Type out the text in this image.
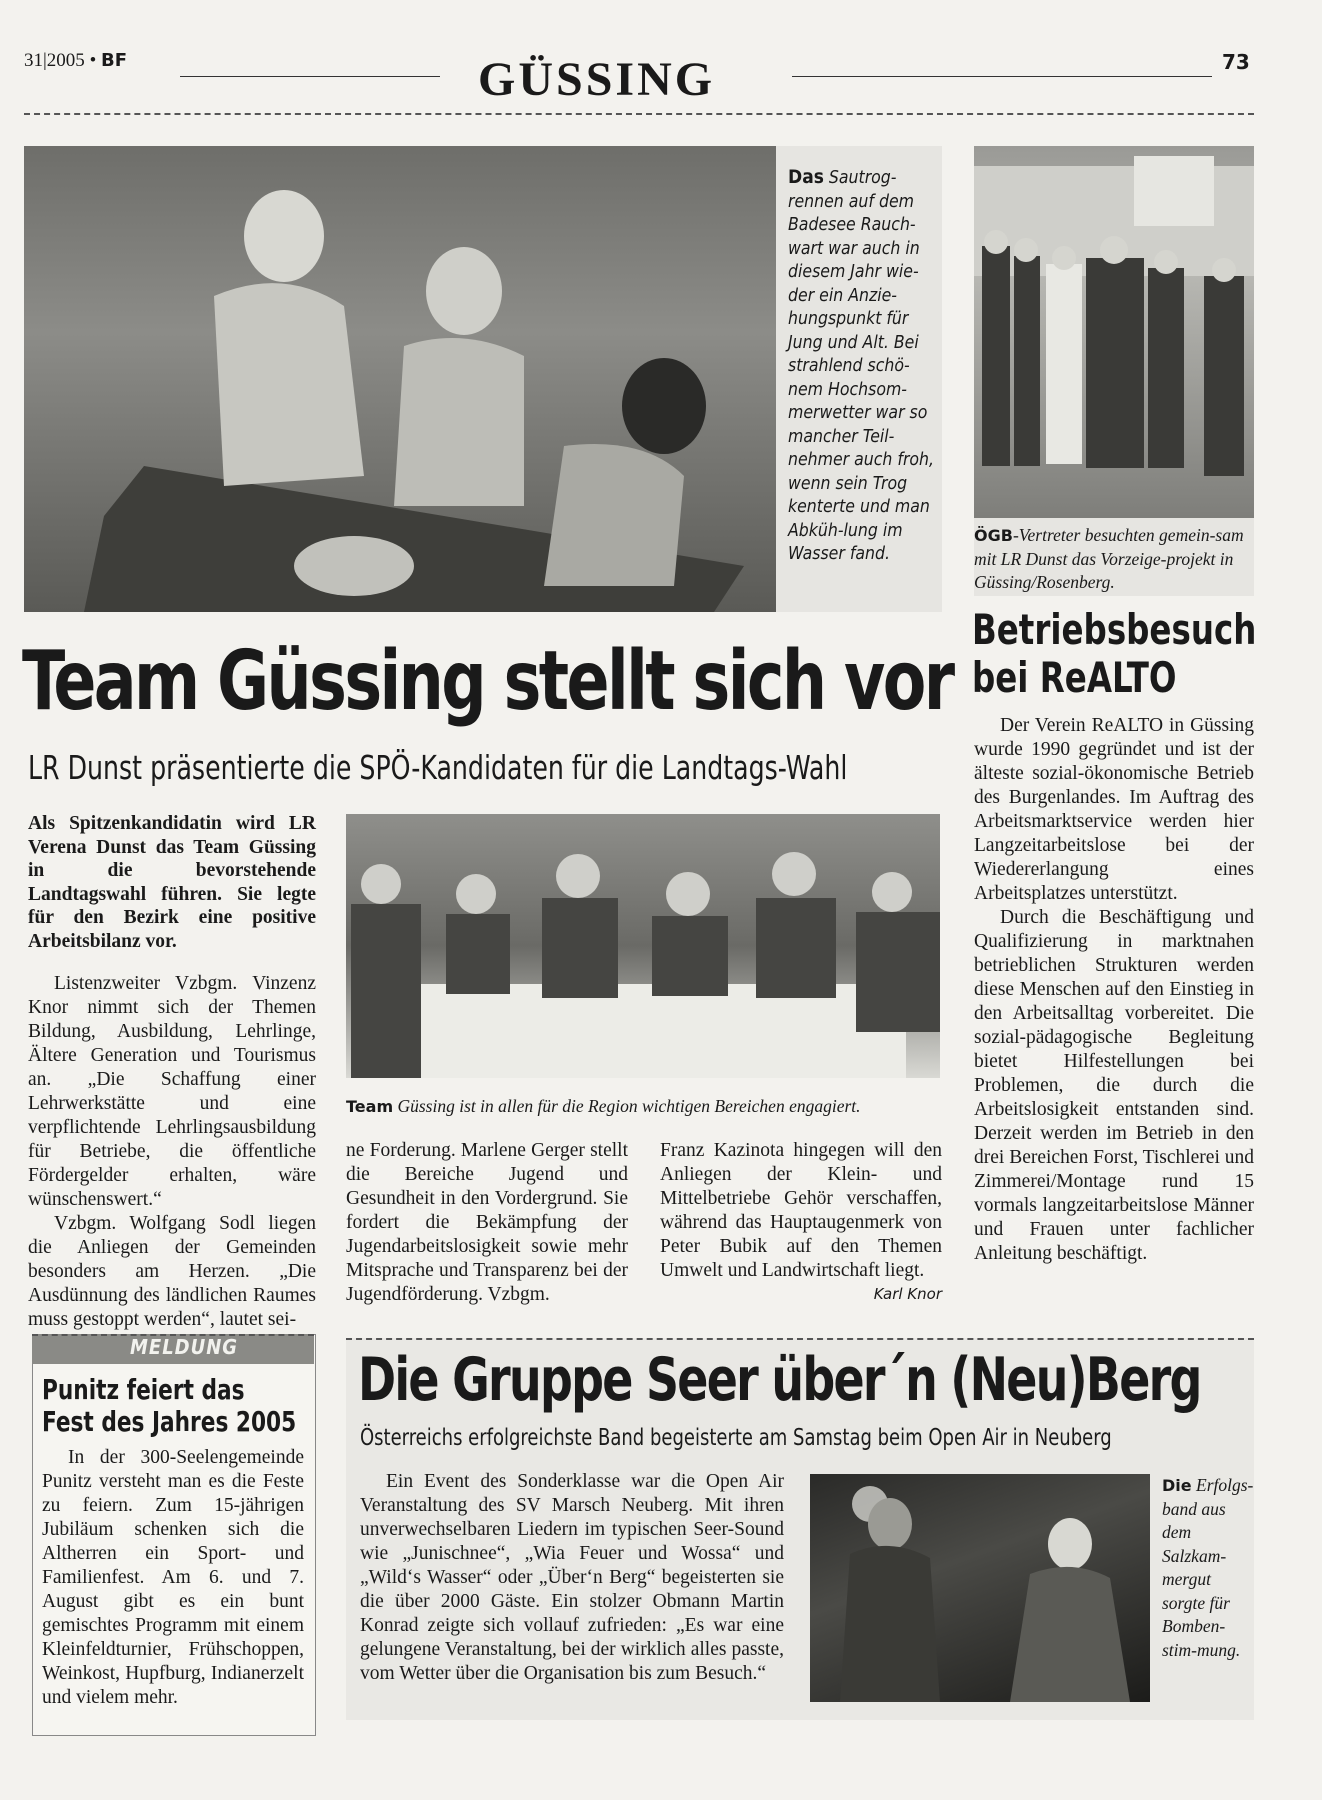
31|2005 • BF	GÜSSING	73
Das Sautrog-rennen auf dem Badesee Rauch-wart war auch in diesem Jahr wie-der ein Anzie-hungspunkt für Jung und Alt. Bei strahlend schö-nem Hochsom-merwetter war so mancher Teil-nehmer auch froh, wenn sein Trog kenterte und man Abküh-lung im Wasser fand.
ÖGB-Vertreter besuchten gemein-sam mit LR Dunst das Vorzeige-projekt in Güssing/Rosenberg.
Team Güssing stellt sich vor
LR Dunst präsentierte die SPÖ-Kandidaten für die Landtags-Wahl
Als Spitzenkandidatin wird LR Verena Dunst das Team Güssing in die bevorstehende Landtagswahl führen. Sie legte für den Bezirk eine positive Arbeitsbilanz vor.
Team Güssing ist in allen für die Region wichtigen Bereichen engagiert.

Listenzweiter Vzbgm. Vinzenz Knor nimmt sich der Themen Bildung, Ausbildung, Lehrlinge, Ältere Generation und Tourismus an. „Die Schaffung einer Lehrwerkstätte und eine verpflichtende Lehrlingsausbildung für Betriebe, die öffentliche Fördergelder erhalten, wäre wünschenswert.“

Vzbgm. Wolfgang Sodl liegen die Anliegen der Gemeinden besonders am Herzen. „Die Ausdünnung des ländlichen Raumes muss gestoppt werden“, lautet sei-

ne Forderung. Marlene Gerger stellt die Bereiche Jugend und Gesundheit in den Vordergrund. Sie fordert die Bekämpfung der Jugendarbeitslosigkeit sowie mehr Mitsprache und Transparenz bei der Jugendförderung. Vzbgm.
Franz Kazinota hingegen will den Anliegen der Klein- und Mittelbetriebe Gehör verschaffen, während das Hauptaugenmerk von Peter Bubik auf den Themen Umwelt und Landwirtschaft liegt.
Karl Knor
Betriebsbesuch
bei ReALTO

Der Verein ReALTO in Güssing wurde 1990 gegründet und ist der älteste sozial-ökonomische Betrieb des Burgenlandes. Im Auftrag des Arbeitsmarktservice werden hier Langzeitarbeitslose bei der Wiedererlangung eines Arbeitsplatzes unterstützt.

Durch die Beschäftigung und Qualifizierung in marktnahen betrieblichen Strukturen werden diese Menschen auf den Einstieg in den Arbeitsalltag vorbereitet. Die sozial-pädagogische Begleitung bietet Hilfestellungen bei Problemen, die durch die Arbeitslosigkeit entstanden sind. Derzeit werden im Betrieb in den drei Bereichen Forst, Tischlerei und Zimmerei/Montage rund 15 vormals langzeitarbeitslose Männer und Frauen unter fachlicher Anleitung beschäftigt.

MELDUNG
Punitz feiert das Fest des Jahres 2005

In der 300-Seelengemeinde Punitz versteht man es die Feste zu feiern. Zum 15-jährigen Jubiläum schenken sich die Altherren ein Sport- und Familienfest. Am 6. und 7. August gibt es ein bunt gemischtes Programm mit einem Kleinfeldturnier, Frühschoppen, Weinkost, Hupfburg, Indianerzelt und vielem mehr.

Die Gruppe Seer über´n (Neu)Berg
Österreichs erfolgreichste Band begeisterte am Samstag beim Open Air in Neuberg

Ein Event des Sonderklasse war die Open Air Veranstaltung des SV Marsch Neuberg. Mit ihren unverwechselbaren Liedern im typischen Seer-Sound wie „Junischnee“, „Wia Feuer und Wossa“ und „Wild‘s Wasser“ oder „Über‘n Berg“ begeisterten sie die über 2000 Gäste. Ein stolzer Obmann Martin Konrad zeigte sich vollauf zufrieden: „Es war eine gelungene Veranstaltung, bei der wirklich alles passte, vom Wetter über die Organisation bis zum Besuch.“

Die Erfolgs-band aus dem Salzkam-mergut sorgte für Bomben-stim-mung.
